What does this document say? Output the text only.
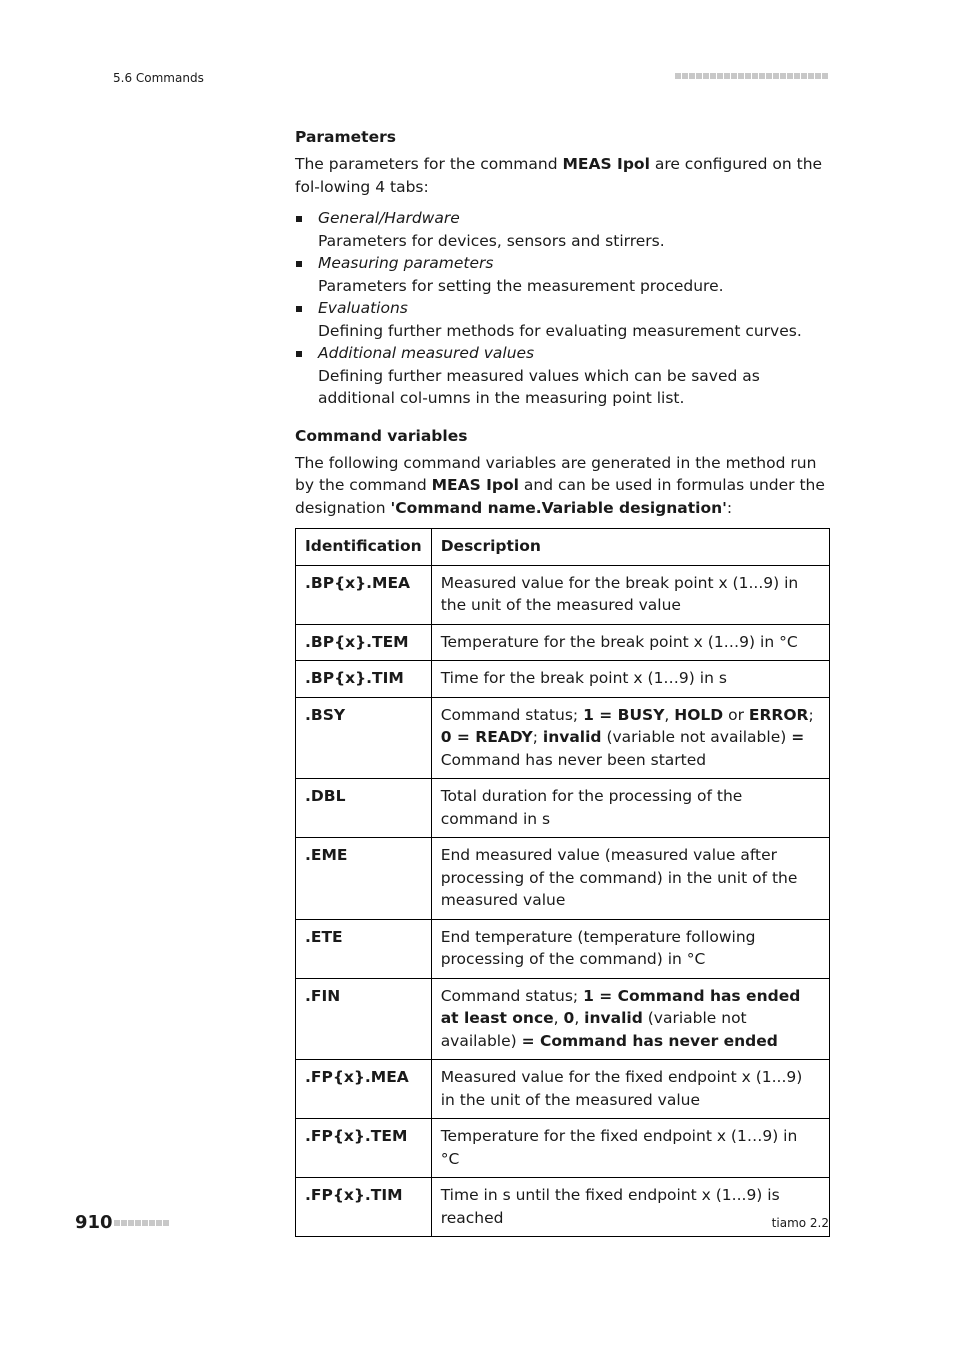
5.6 Commands
Parameters

The parameters for the command MEAS Ipol are configured on the fol-lowing 4 tabs:

General/Hardware
Parameters for devices, sensors and stirrers.
Measuring parameters
Parameters for setting the measurement procedure.
Evaluations
Defining further methods for evaluating measurement curves.
Additional measured values
Defining further measured values which can be saved as additional col-umns in the measuring point list.
Command variables

The following command variables are generated in the method run by the command MEAS Ipol and can be used in formulas under the designation 'Command name.Variable designation':

Identification	Description
.BP{x}.MEA	Measured value for the break point x (1...9) in the unit of the measured value
.BP{x}.TEM	Temperature for the break point x (1…9) in °C
.BP{x}.TIM	Time for the break point x (1…9) in s
.BSY	Command status; 1 = BUSY, HOLD or ERROR; 0 = READY; invalid (variable not available) = Command has never been started
.DBL	Total duration for the processing of the command in s
.EME	End measured value (measured value after processing of the command) in the unit of the measured value
.ETE	End temperature (temperature following processing of the command) in °C
.FIN	Command status; 1 = Command has ended at least once, 0, invalid (variable not available) = Command has never ended
.FP{x}.MEA	Measured value for the fixed endpoint x (1...9) in the unit of the measured value
.FP{x}.TEM	Temperature for the fixed endpoint x (1…9) in °C
.FP{x}.TIM	Time in s until the fixed endpoint x (1...9) is reached
910	tiamo 2.2
